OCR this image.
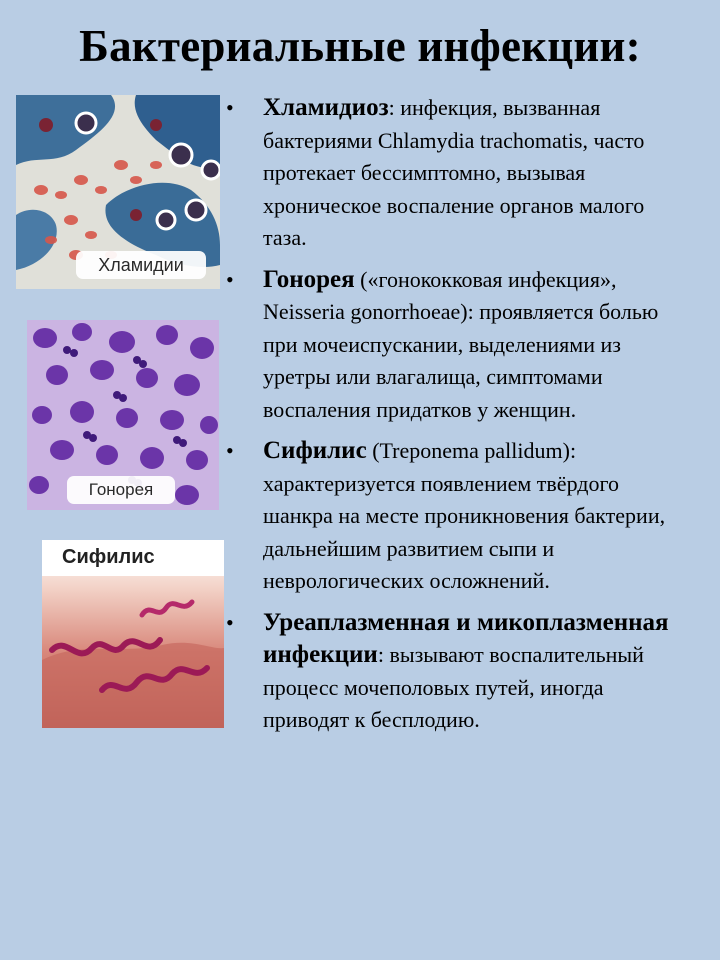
Бактериальные инфекции:
Хламидии
Гонорея
Сифилис
• Хламидиоз: инфекция, вызванная бактериями Chlamydia trachomatis, часто протекает бессимптомно, вызывая хроническое воспаление органов малого таза.
• Гонорея («гонококковая инфекция», Neisseria gonorrhoeae): проявляется болью при мочеиспускании, выделениями из уретры или влагалища, симптомами воспаления придатков у женщин.
• Сифилис (Treponema pallidum): характеризуется появлением твёрдого шанкра на месте проникновения бактерии, дальнейшим развитием сыпи и неврологических осложнений.
• Уреаплазменная и микоплазменная инфекции: вызывают воспалительный процесс мочеполовых путей, иногда приводят к бесплодию.
